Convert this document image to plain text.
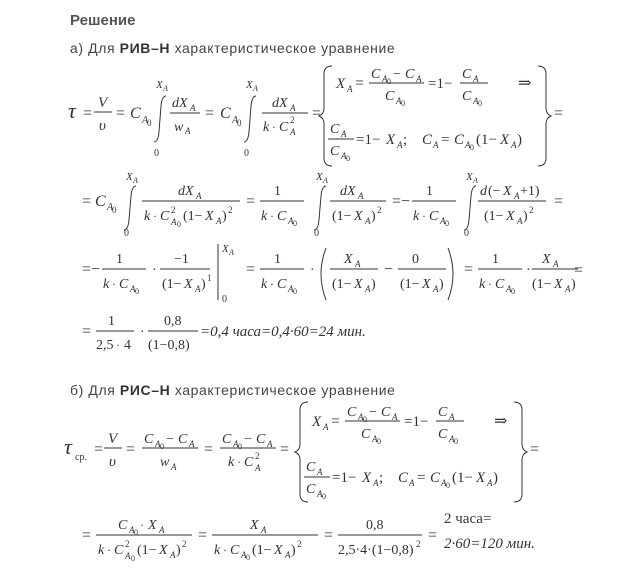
Решение
а) Для РИВ–Н характеристическое уравнение
τ =
V
υ
= C A
0
X A
0
dX A
w A
= C A
0
X A
0
dX A
k · C 2
A
=
X A =
C A 0 − C A
C A 0
=1−
C A
C A 0
⇒
C A
C A 0
=1− X A ; C A = C A 0 (1− X A )
=
= C A
0
X A
0
dX A
k · C 2
A 0
(1− X A ) 2 =
1
k · C A 0
X A
0
dX A
(1− X A ) 2 =−
1
k · C A 0
X A
0
d (− X A +1)
(1− X A ) 2 =
=−
1
k · C A 0
·
−1
(1− X A ) 1
X A
0
=
1
k · C A 0
·
X A
(1− X A )
−
0
(1− X A )
=
1
k · C A 0
·
X A
(1− X A )
=
=
1
2,5 · 4
·
0,8
(1−0,8)
=0,4 часа=0,4·60=24 мин.
б) Для РИС–Н характеристическое уравнение
τ ср. =
V
υ
=
C A 0 − C A
w A
=
C A 0 − C A
k · C 2
A
=
X A =
C A 0 − C A
C A 0
=1−
C A
C A 0
⇒
C A
C A 0
=1− X A ; C A = C A 0 (1− X A )
=
=
C A 0
· X A
k · C 2
A 0
(1− X A ) 2 =
X A
k · C A 0 (1− X A ) 2 =
0,8
2,5·4·(1−0,8) 2 =
2 часа=
2·60=120 мин.
